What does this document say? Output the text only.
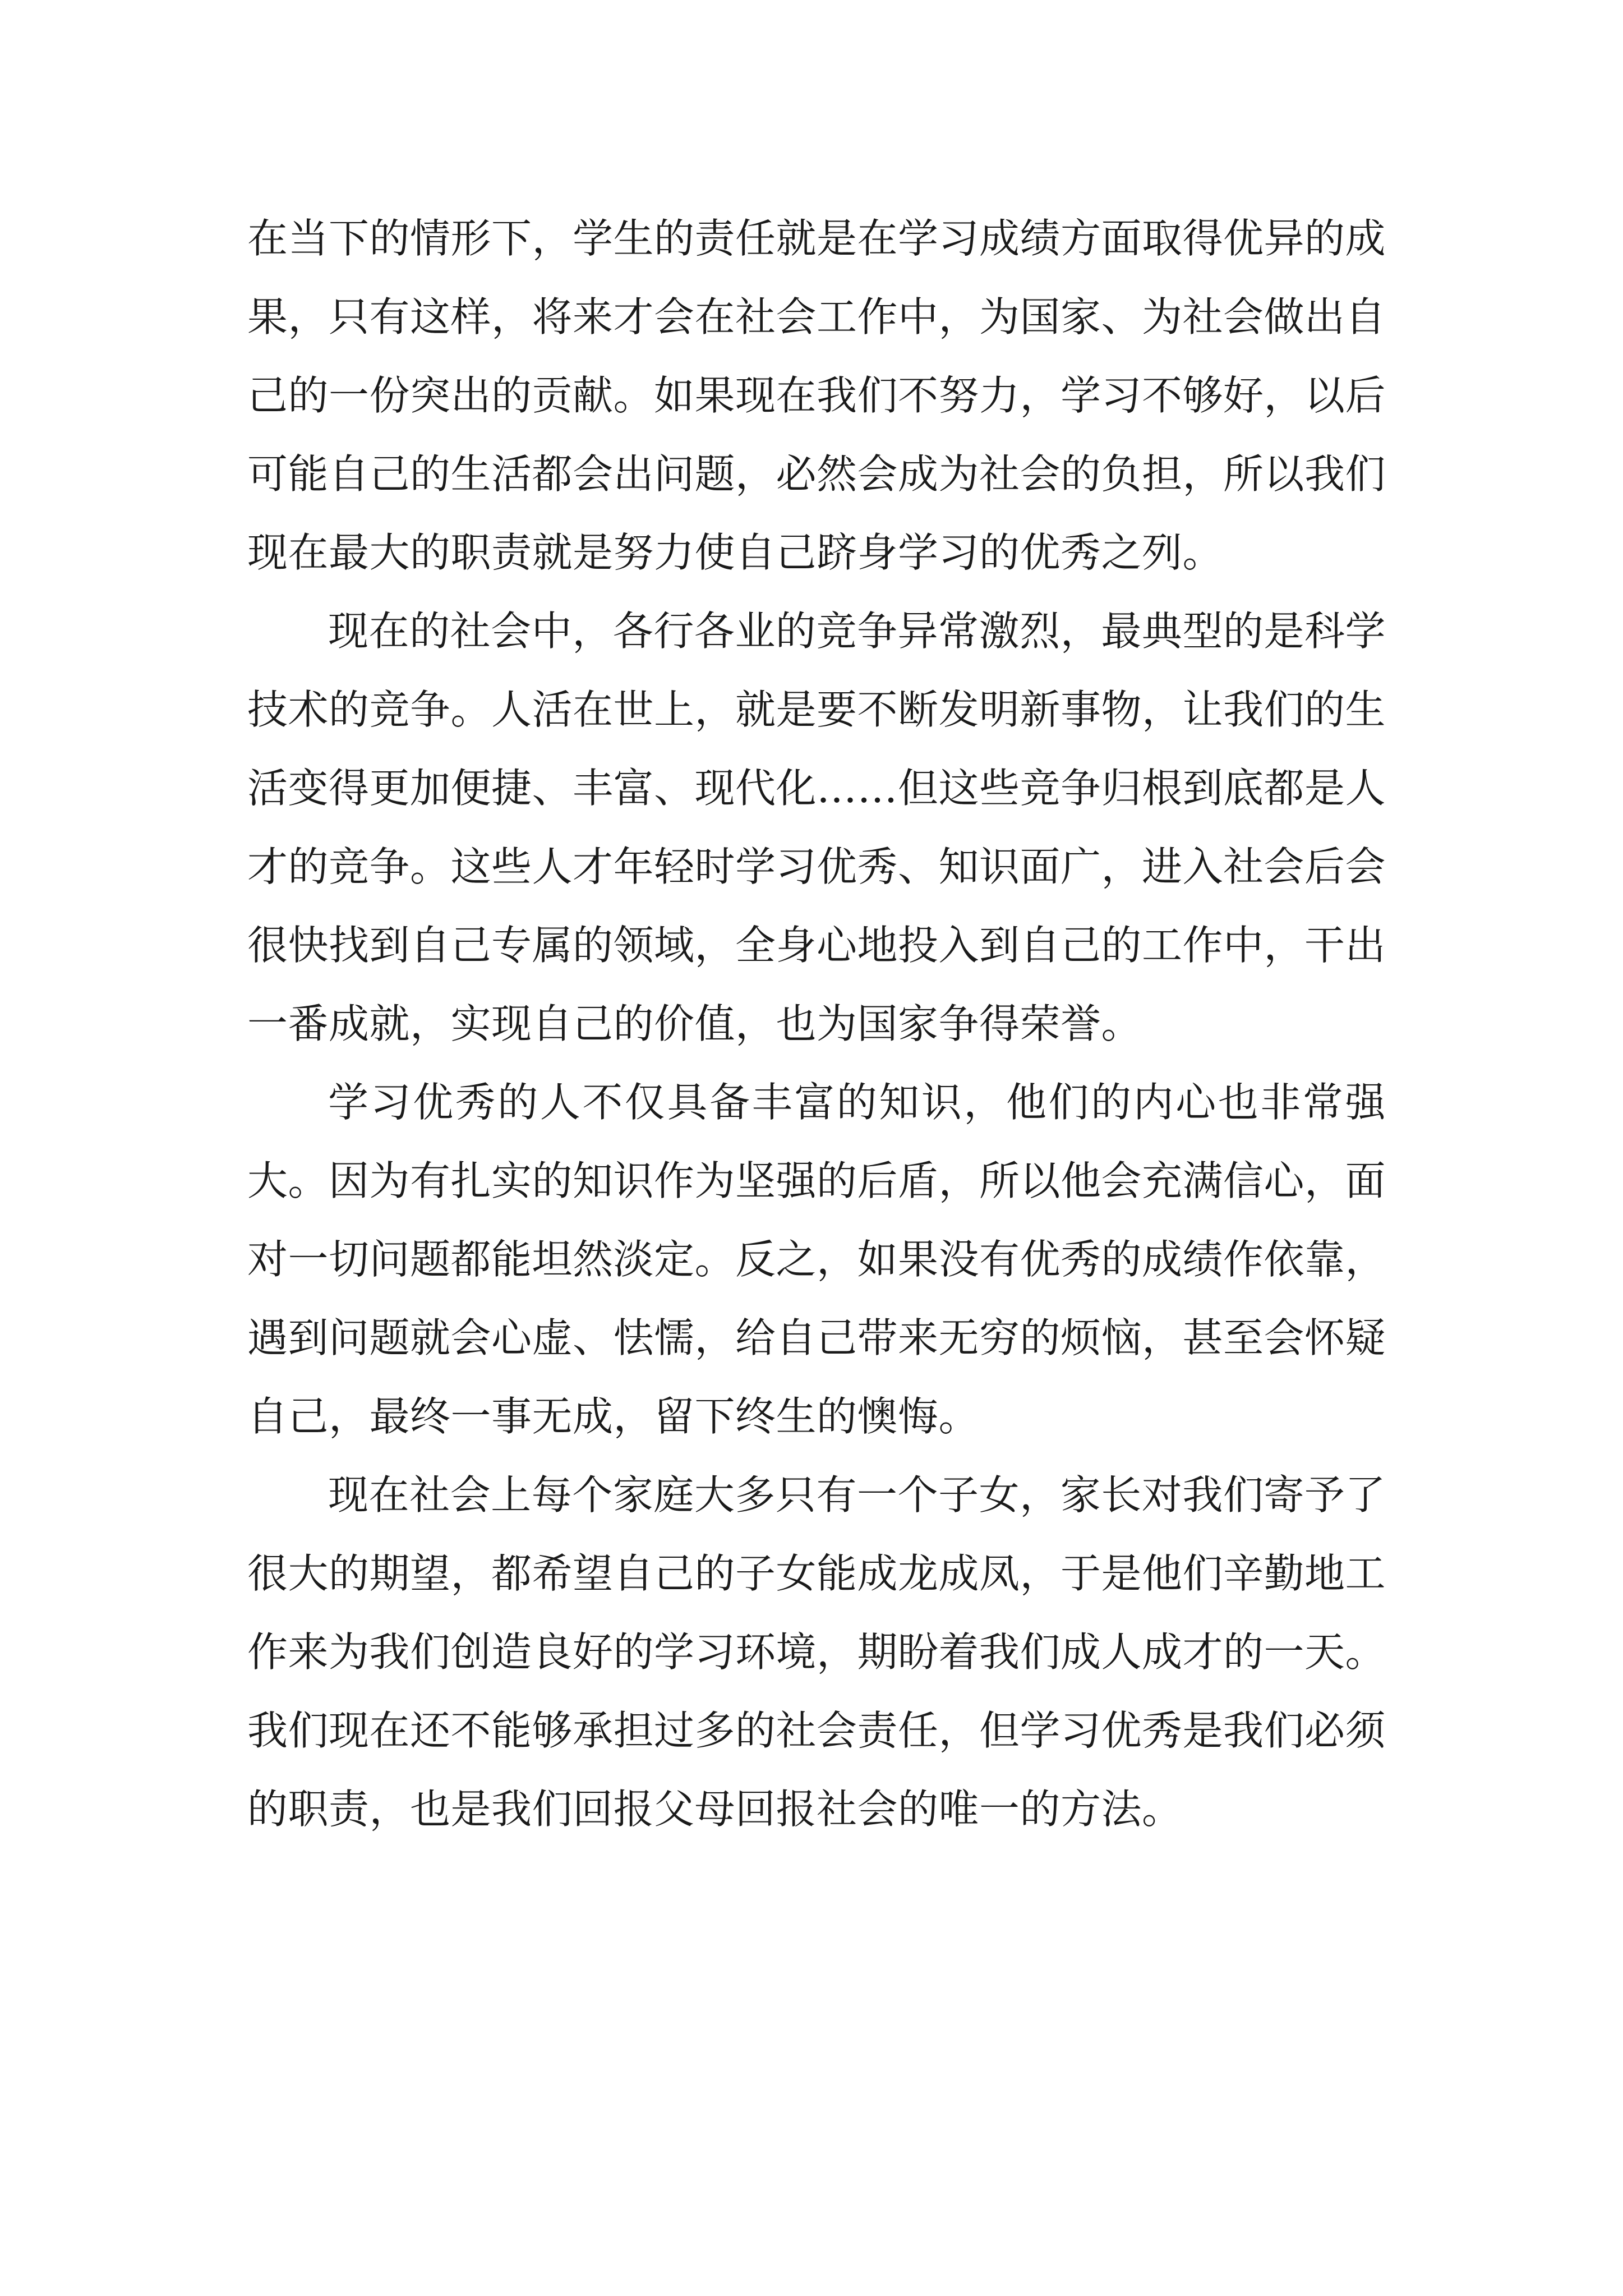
在当下的情形下，学生的责任就是在学习成绩方面取得优异的成果，只有这样，将来才会在社会工作中，为国家、为社会做出自己的一份突出的贡献。如果现在我们不努力，学习不够好，以后可能自己的生活都会出问题，必然会成为社会的负担，所以我们现在最大的职责就是努力使自己跻身学习的优秀之列。

现在的社会中，各行各业的竞争异常激烈，最典型的是科学技术的竞争。人活在世上，就是要不断发明新事物，让我们的生活变得更加便捷、丰富、现代化……但这些竞争归根到底都是人才的竞争。这些人才年轻时学习优秀、知识面广，进入社会后会很快找到自己专属的领域，全身心地投入到自己的工作中，干出一番成就，实现自己的价值，也为国家争得荣誉。

学习优秀的人不仅具备丰富的知识，他们的内心也非常强大。因为有扎实的知识作为坚强的后盾，所以他会充满信心，面对一切问题都能坦然淡定。反之，如果没有优秀的成绩作依靠，遇到问题就会心虚、怯懦，给自己带来无穷的烦恼，甚至会怀疑自己，最终一事无成，留下终生的懊悔。

现在社会上每个家庭大多只有一个子女，家长对我们寄予了很大的期望，都希望自己的子女能成龙成凤，于是他们辛勤地工作来为我们创造良好的学习环境，期盼着我们成人成才的一天。我们现在还不能够承担过多的社会责任，但学习优秀是我们必须的职责，也是我们回报父母回报社会的唯一的方法。
